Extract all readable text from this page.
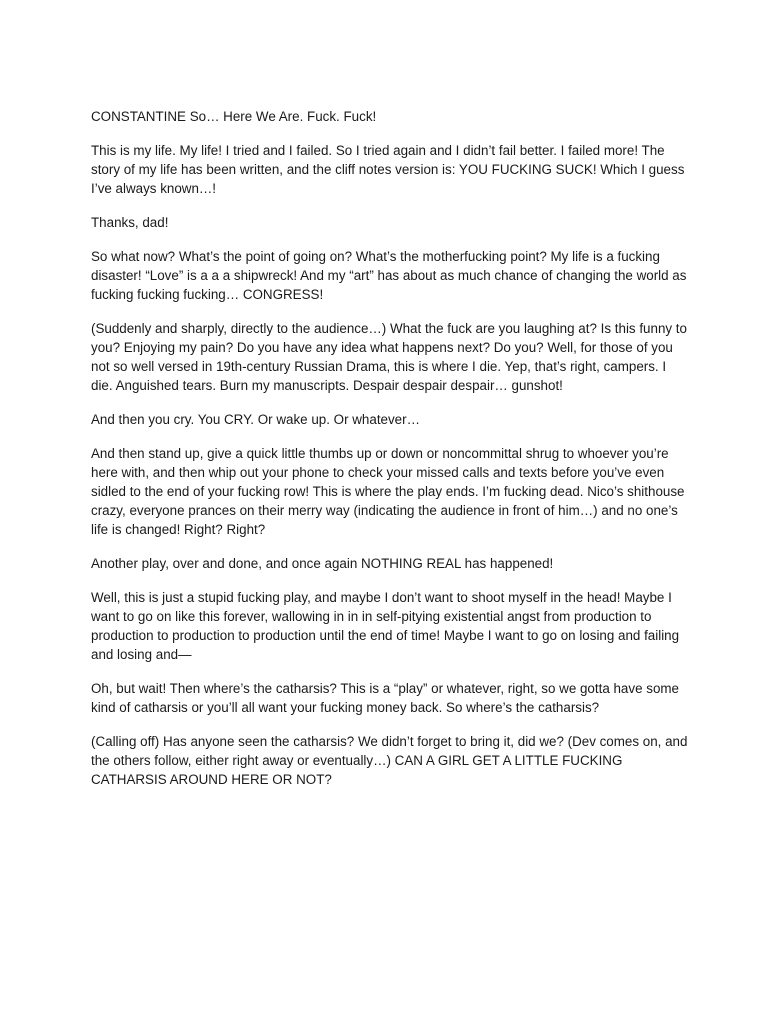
CONSTANTINE So… Here We Are. Fuck. Fuck!

This is my life. My life! I tried and I failed. So I tried again and I didn’t fail better. I failed more! The story of my life has been written, and the cliff notes version is: YOU FUCKING SUCK! Which I guess I’ve always known…!

Thanks, dad!

So what now? What’s the point of going on? What’s the motherfucking point? My life is a fucking disaster! “Love” is a a a shipwreck! And my “art” has about as much chance of changing the world as fucking fucking fucking… CONGRESS!

(Suddenly and sharply, directly to the audience…) What the fuck are you laughing at? Is this funny to you? Enjoying my pain? Do you have any idea what happens next? Do you? Well, for those of you not so well versed in 19th-century Russian Drama, this is where I die. Yep, that’s right, campers. I die. Anguished tears. Burn my manuscripts. Despair despair despair… gunshot!

And then you cry. You CRY. Or wake up. Or whatever…

And then stand up, give a quick little thumbs up or down or noncommittal shrug to whoever you’re here with, and then whip out your phone to check your missed calls and texts before you’ve even sidled to the end of your fucking row! This is where the play ends. I’m fucking dead. Nico’s shithouse crazy, everyone prances on their merry way (indicating the audience in front of him…) and no one’s life is changed! Right? Right?

Another play, over and done, and once again NOTHING REAL has happened!

Well, this is just a stupid fucking play, and maybe I don’t want to shoot myself in the head! Maybe I want to go on like this forever, wallowing in in in self-pitying existential angst from production to production to production to production until the end of time! Maybe I want to go on losing and failing and losing and—

Oh, but wait! Then where’s the catharsis? This is a “play” or whatever, right, so we gotta have some kind of catharsis or you’ll all want your fucking money back. So where’s the catharsis?

(Calling off) Has anyone seen the catharsis? We didn’t forget to bring it, did we? (Dev comes on, and the others follow, either right away or eventually…) CAN A GIRL GET A LITTLE FUCKING CATHARSIS AROUND HERE OR NOT?
